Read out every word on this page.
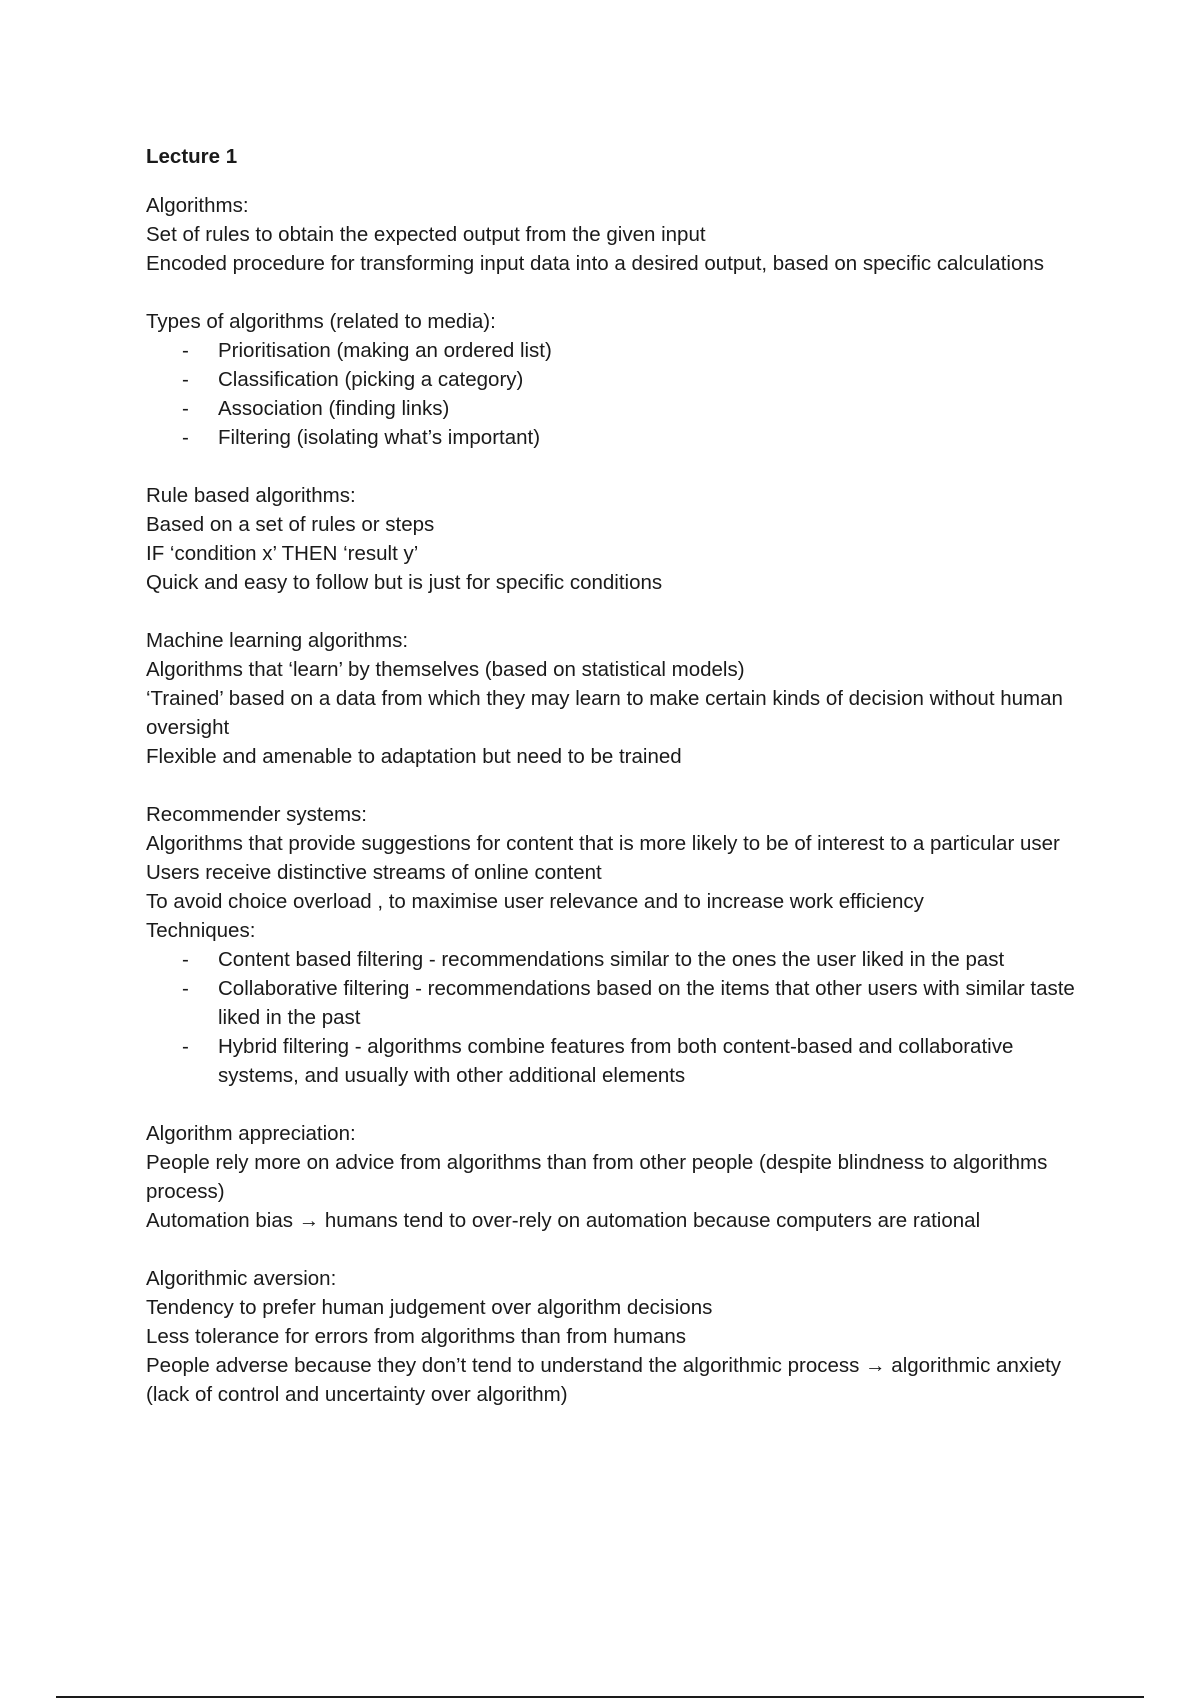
Lecture 1
Algorithms:
Set of rules to obtain the expected output from the given input
Encoded procedure for transforming input data into a desired output, based on specific calculations
Types of algorithms (related to media):
- Prioritisation (making an ordered list)
- Classification (picking a category)
- Association (finding links)
- Filtering (isolating what’s important)
Rule based algorithms:
Based on a set of rules or steps
IF ‘condition x’ THEN ‘result y’
Quick and easy to follow but is just for specific conditions
Machine learning algorithms:
Algorithms that ‘learn’ by themselves (based on statistical models)
‘Trained’ based on a data from which they may learn to make certain kinds of decision without human oversight
Flexible and amenable to adaptation but need to be trained
Recommender systems:
Algorithms that provide suggestions for content that is more likely to be of interest to a particular user
Users receive distinctive streams of online content
To avoid choice overload , to maximise user relevance and to increase work efficiency
Techniques:
- Content based filtering - recommendations similar to the ones the user liked in the past
- Collaborative filtering - recommendations based on the items that other users with similar taste liked in the past
- Hybrid filtering - algorithms combine features from both content-based and collaborative systems, and usually with other additional elements
Algorithm appreciation:
People rely more on advice from algorithms than from other people (despite blindness to algorithms process)
Automation bias → humans tend to over-rely on automation because computers are rational
Algorithmic aversion:
Tendency to prefer human judgement over algorithm decisions
Less tolerance for errors from algorithms than from humans
People adverse because they don’t tend to understand the algorithmic process → algorithmic anxiety (lack of control and uncertainty over algorithm)
